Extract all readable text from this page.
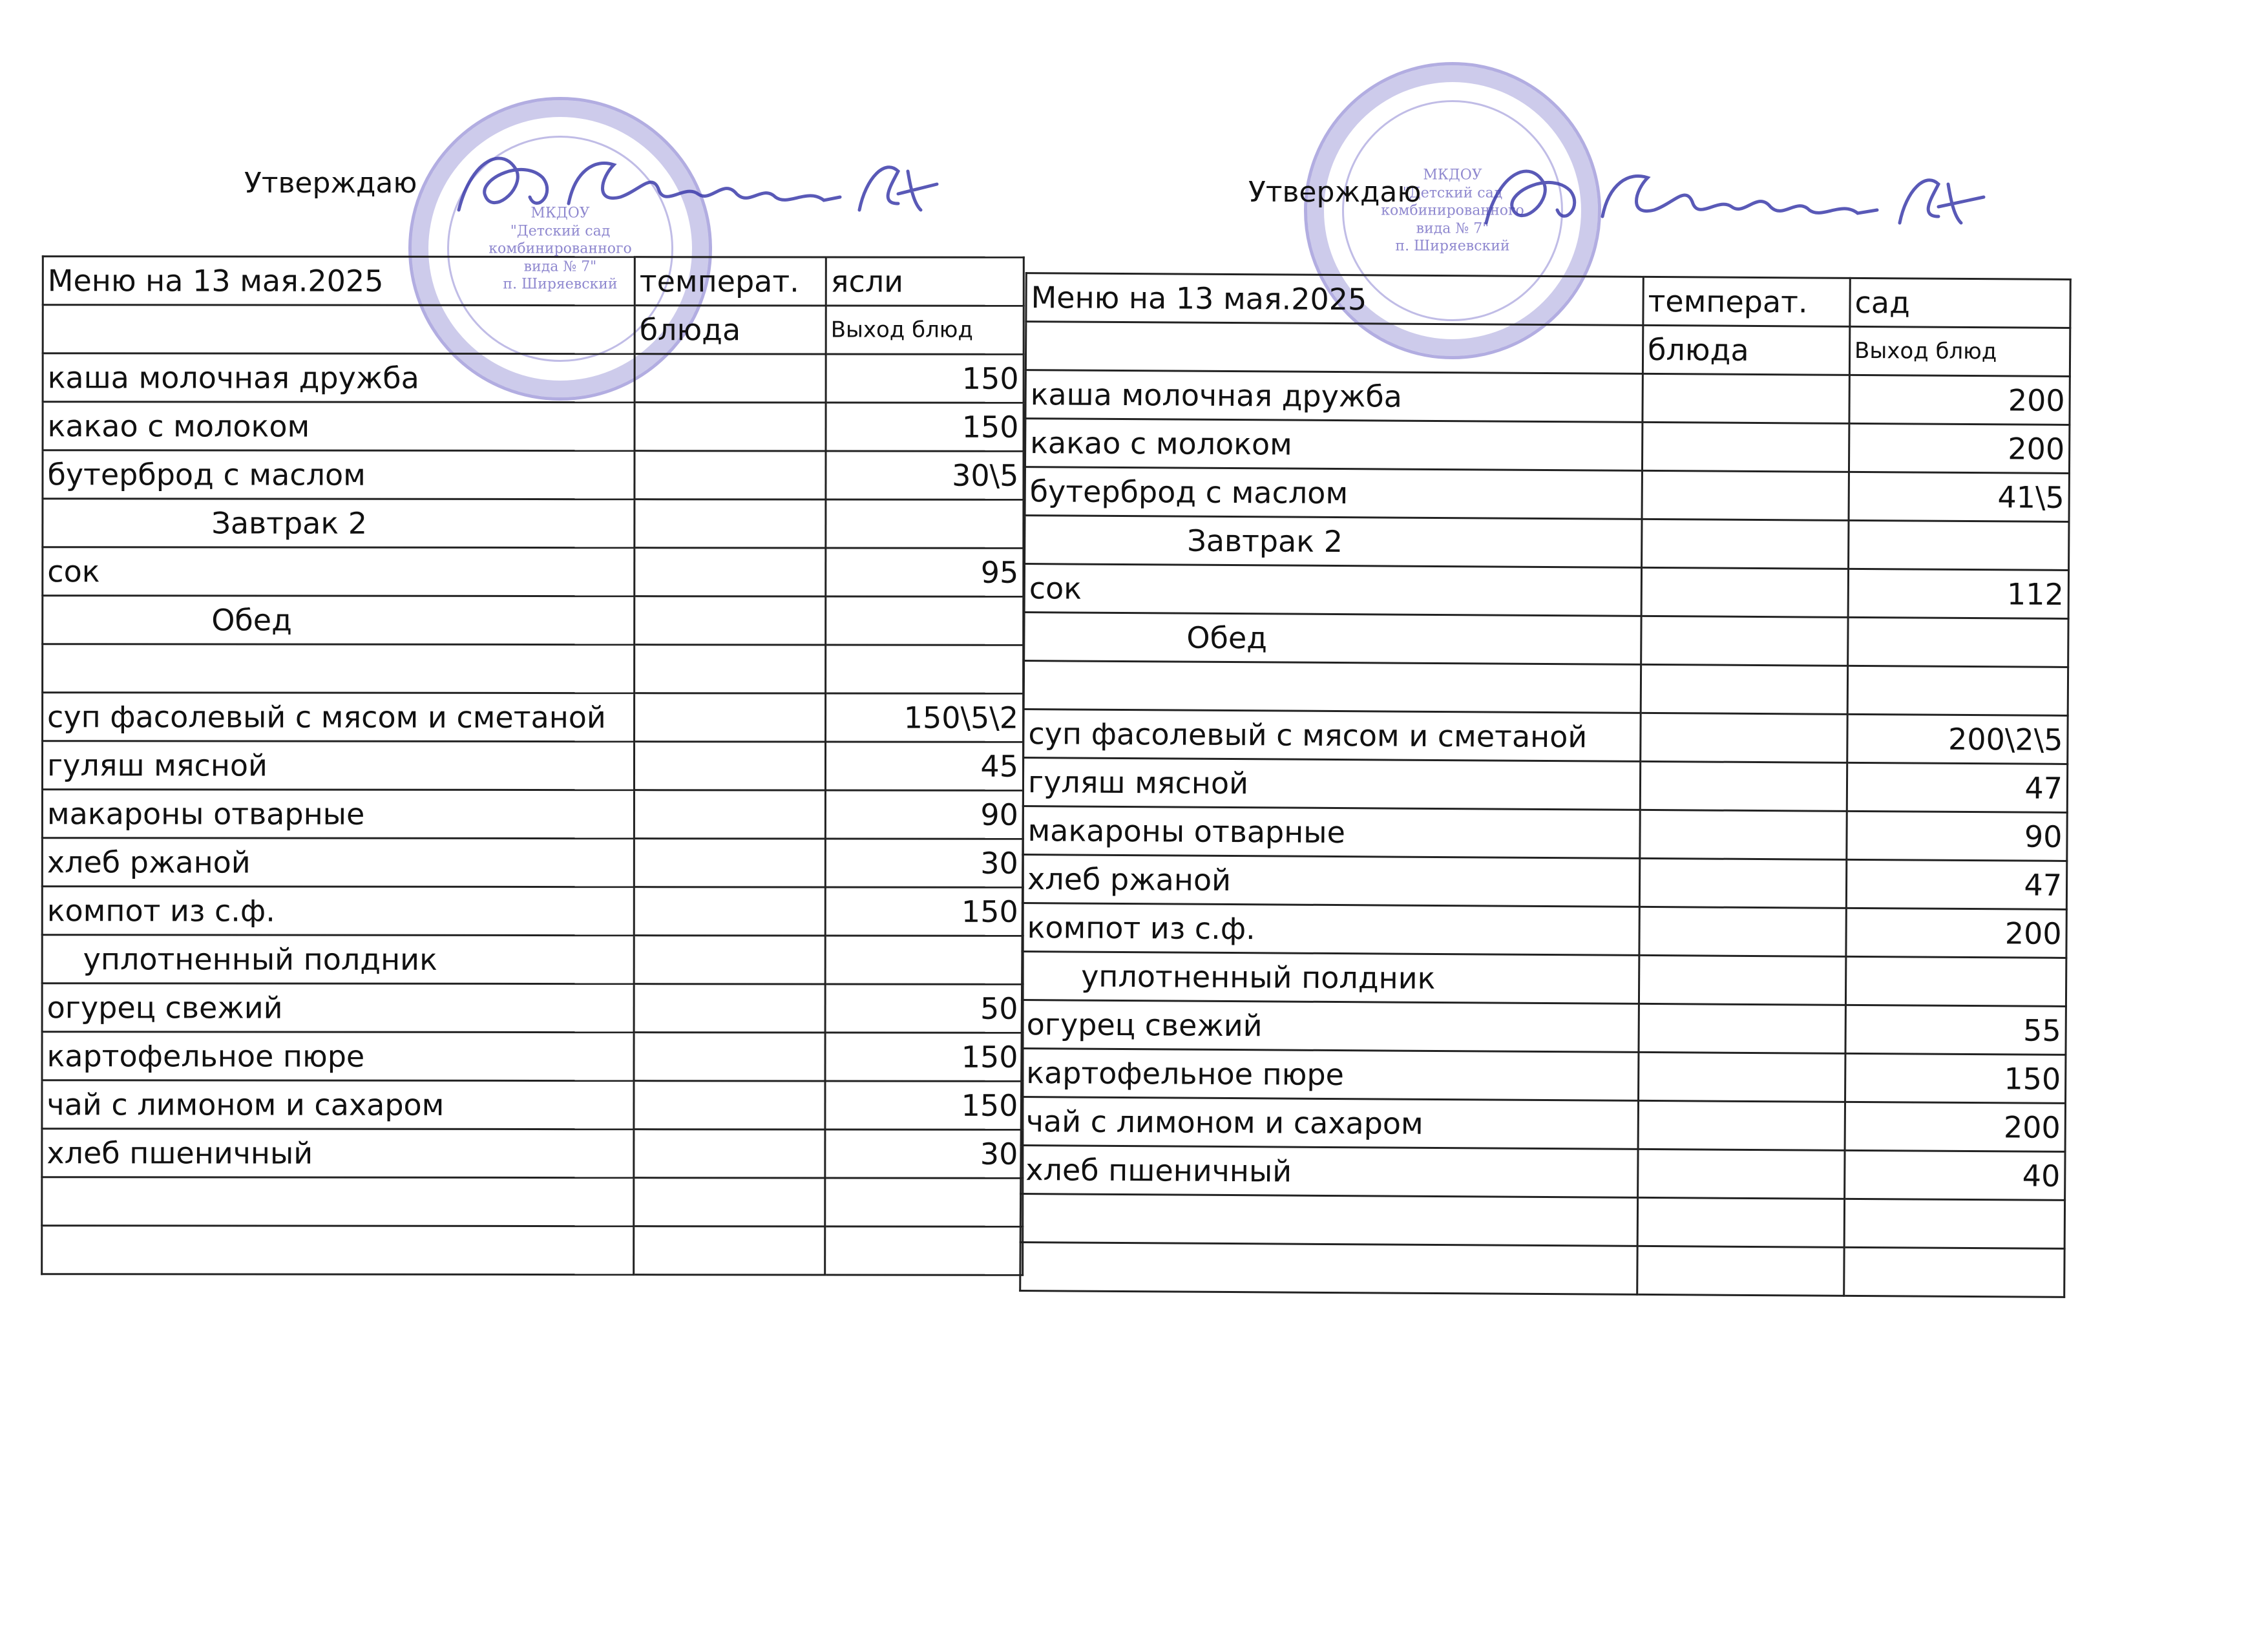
МКДОУ
"Детский сад
комбинированного
вида № 7"
п. Ширяевский
Утверждаю	МКДОУ
"Детский сад
комбинированного
вида № 7"
п. Ширяевский
Утверждаю
Меню на 13 мая.2025	температ.	ясли
	блюда	Выход блюд
каша молочная дружба		150
какао с молоком		150
бутерброд с маслом		30\5
Завтрак 2		
сок		95
Обед		

суп фасолевый с мясом и сметаной		150\5\2
гуляш мясной		45
макароны отварные		90
хлеб ржаной		30
компот из с.ф.		150
уплотненный полдник		
огурец свежий		50
картофельное пюре		150
чай с лимоном и сахаром		150
хлеб пшеничный		30

Меню на 13 мая.2025	температ.	сад
	блюда	Выход блюд
каша молочная дружба		200
какао с молоком		200
бутерброд с маслом		41\5
Завтрак 2		
сок		112
Обед		

суп фасолевый с мясом и сметаной		200\2\5
гуляш мясной		47
макароны отварные		90
хлеб ржаной		47
компот из с.ф.		200
уплотненный полдник		
огурец свежий		55
картофельное пюре		150
чай с лимоном и сахаром		200
хлеб пшеничный		40
